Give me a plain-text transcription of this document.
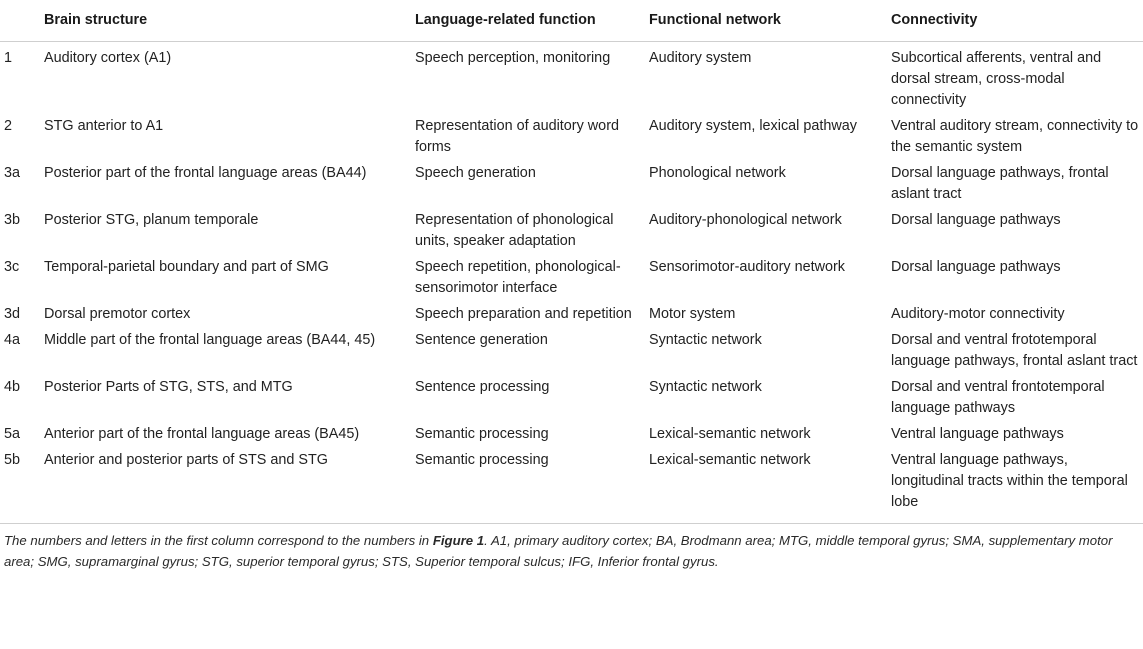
	Brain structure	Language-related function	Functional network	Connectivity
1	Auditory cortex (A1)	Speech perception, monitoring	Auditory system	Subcortical afferents, ventral and dorsal stream, cross-modal connectivity
2	STG anterior to A1	Representation of auditory word forms	Auditory system, lexical pathway	Ventral auditory stream, connectivity to the semantic system
3a	Posterior part of the frontal language areas (BA44)	Speech generation	Phonological network	Dorsal language pathways, frontal aslant tract
3b	Posterior STG, planum temporale	Representation of phonological units, speaker adaptation	Auditory-phonological network	Dorsal language pathways
3c	Temporal-parietal boundary and part of SMG	Speech repetition, phonological-sensorimotor interface	Sensorimotor-auditory network	Dorsal language pathways
3d	Dorsal premotor cortex	Speech preparation and repetition	Motor system	Auditory-motor connectivity
4a	Middle part of the frontal language areas (BA44, 45)	Sentence generation	Syntactic network	Dorsal and ventral frototemporal language pathways, frontal aslant tract
4b	Posterior Parts of STG, STS, and MTG	Sentence processing	Syntactic network	Dorsal and ventral frontotemporal language pathways
5a	Anterior part of the frontal language areas (BA45)	Semantic processing	Lexical-semantic network	Ventral language pathways
5b	Anterior and posterior parts of STS and STG	Semantic processing	Lexical-semantic network	Ventral language pathways, longitudinal tracts within the temporal lobe

The numbers and letters in the first column correspond to the numbers in Figure 1. A1, primary auditory cortex; BA, Brodmann area; MTG, middle temporal gyrus; SMA, supplementary motor area; SMG, supramarginal gyrus; STG, superior temporal gyrus; STS, Superior temporal sulcus; IFG, Inferior frontal gyrus.
